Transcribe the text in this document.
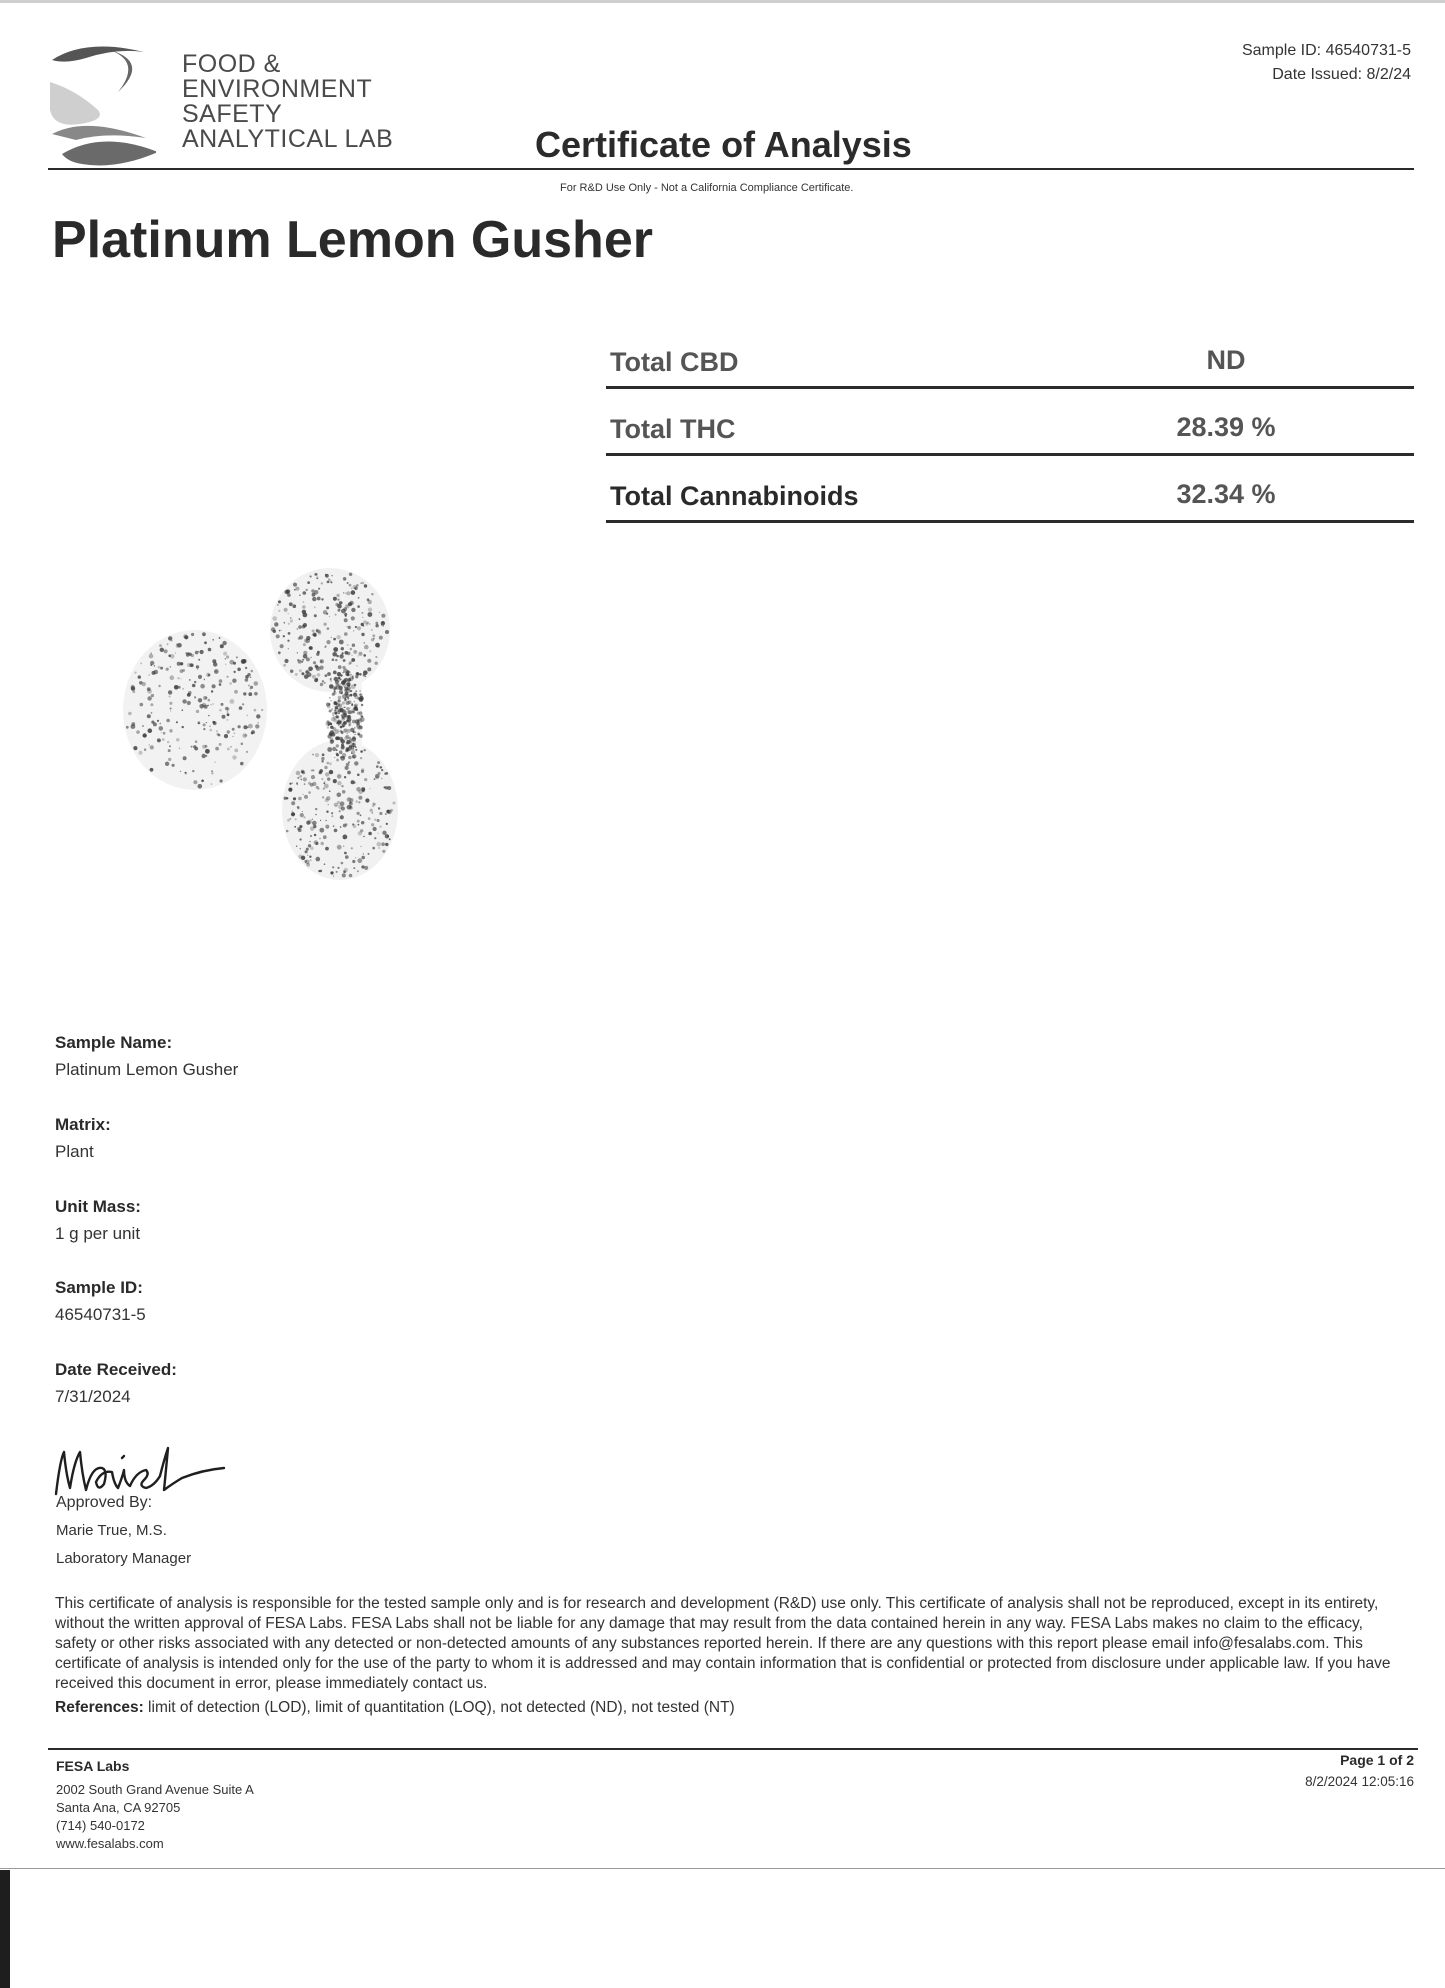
FOOD &
ENVIRONMENT
SAFETY
ANALYTICAL LAB
Sample ID: 46540731-5
Date Issued: 8/2/24
Certificate of Analysis
For R&D Use Only - Not a California Compliance Certificate.
Platinum Lemon Gusher
Total CBD	ND
Total THC	28.39 %
Total Cannabinoids	32.34 %
Sample Name:
Platinum Lemon Gusher
Matrix:
Plant
Unit Mass:
1 g per unit
Sample ID:
46540731-5
Date Received:
7/31/2024
Approved By:
Marie True, M.S.
Laboratory Manager
This certificate of analysis is responsible for the tested sample only and is for research and development (R&D) use only. This certificate of analysis shall not be reproduced, except in its entirety, without the written approval of FESA Labs. FESA Labs shall not be liable for any damage that may result from the data contained herein in any way. FESA Labs makes no claim to the efficacy, safety or other risks associated with any detected or non-detected amounts of any substances reported herein. If there are any questions with this report please email info@fesalabs.com. This certificate of analysis is intended only for the use of the party to whom it is addressed and may contain information that is confidential or protected from disclosure under applicable law. If you have received this document in error, please immediately contact us.
References: limit of detection (LOD), limit of quantitation (LOQ), not detected (ND), not tested (NT)
FESA Labs
2002 South Grand Avenue Suite A
Santa Ana, CA 92705
(714) 540-0172
www.fesalabs.com
Page 1 of 2
8/2/2024 12:05:16
